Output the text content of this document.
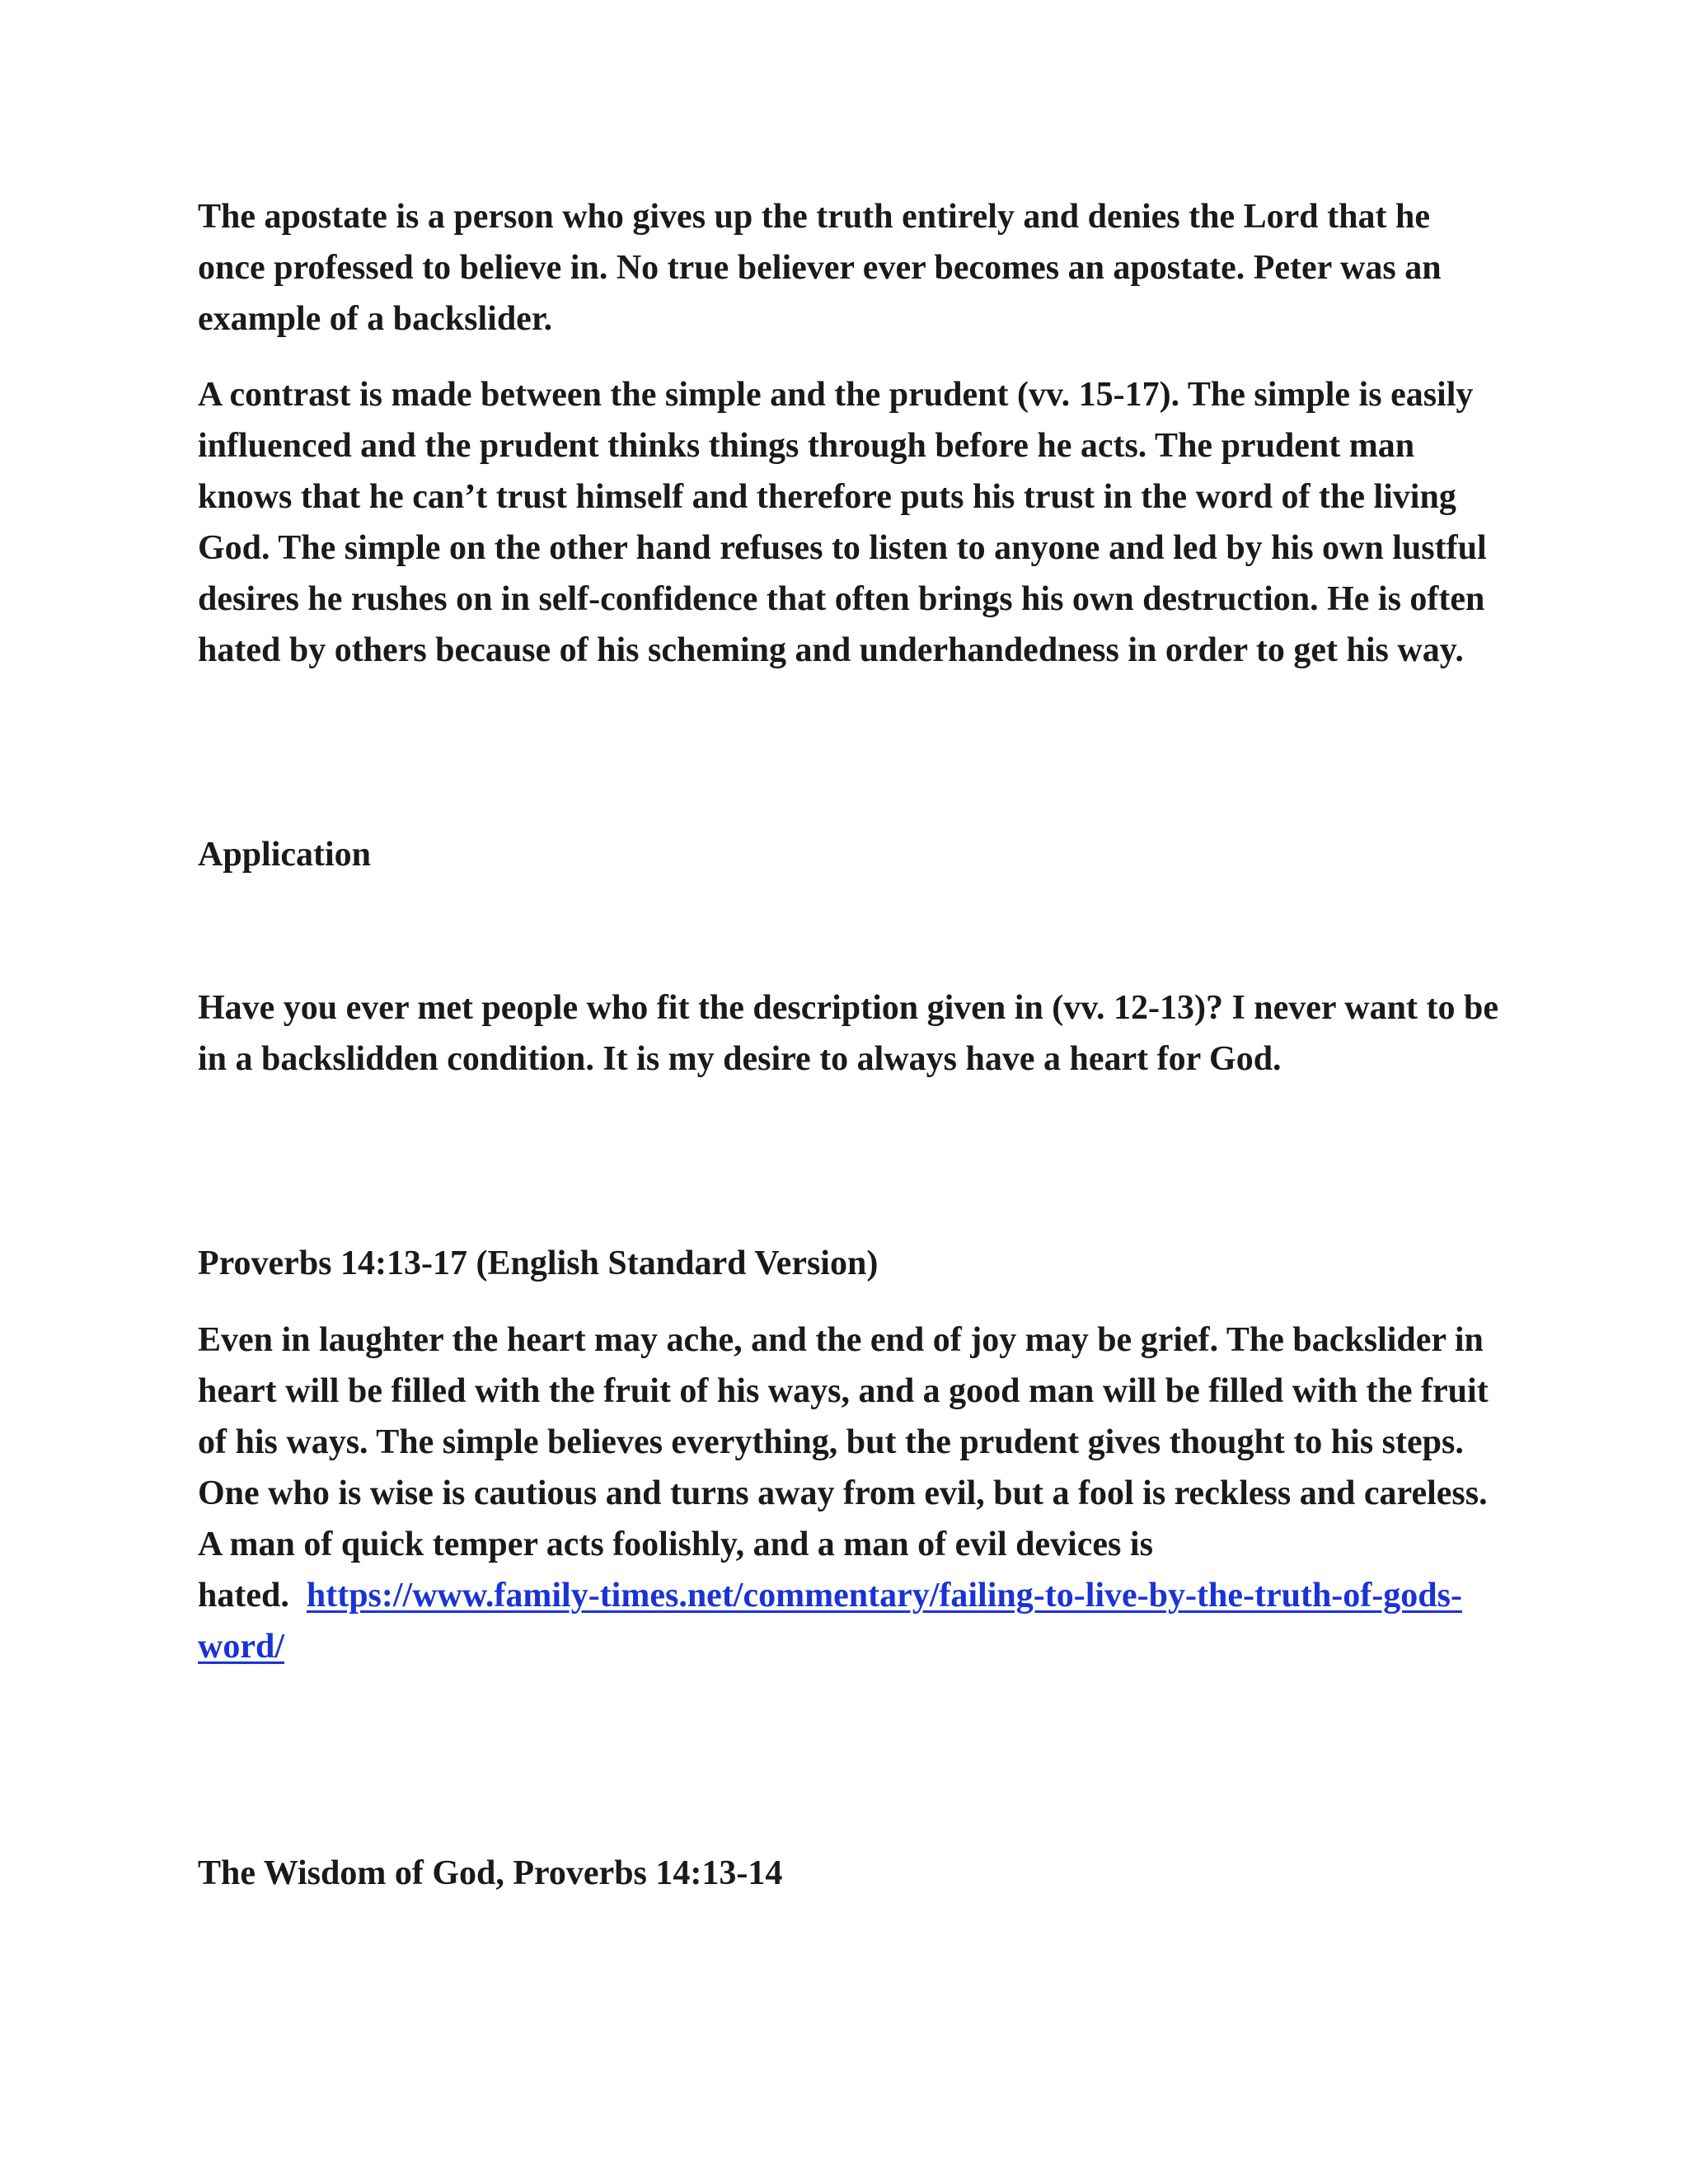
The apostate is a person who gives up the truth entirely and denies the Lord that he once professed to believe in. No true believer ever becomes an apostate. Peter was an example of a backslider.

A contrast is made between the simple and the prudent (vv. 15-17). The simple is easily influenced and the prudent thinks things through before he acts. The prudent man knows that he can’t trust himself and therefore puts his trust in the word of the living God. The simple on the other hand refuses to listen to anyone and led by his own lustful desires he rushes on in self-confidence that often brings his own destruction. He is often hated by others because of his scheming and underhandedness in order to get his way.

Application

Have you ever met people who fit the description given in (vv. 12-13)? I never want to be in a backslidden condition. It is my desire to always have a heart for God.

Proverbs 14:13-17 (English Standard Version)

Even in laughter the heart may ache, and the end of joy may be grief. The backslider in heart will be filled with the fruit of his ways, and a good man will be filled with the fruit of his ways. The simple believes everything, but the prudent gives thought to his steps. One who is wise is cautious and turns away from evil, but a fool is reckless and careless. A man of quick temper acts foolishly, and a man of evil devices is hated. https://www.family-times.net/commentary/failing-to-live-by-the-truth-of-gods-word/

The Wisdom of God, Proverbs 14:13-14
